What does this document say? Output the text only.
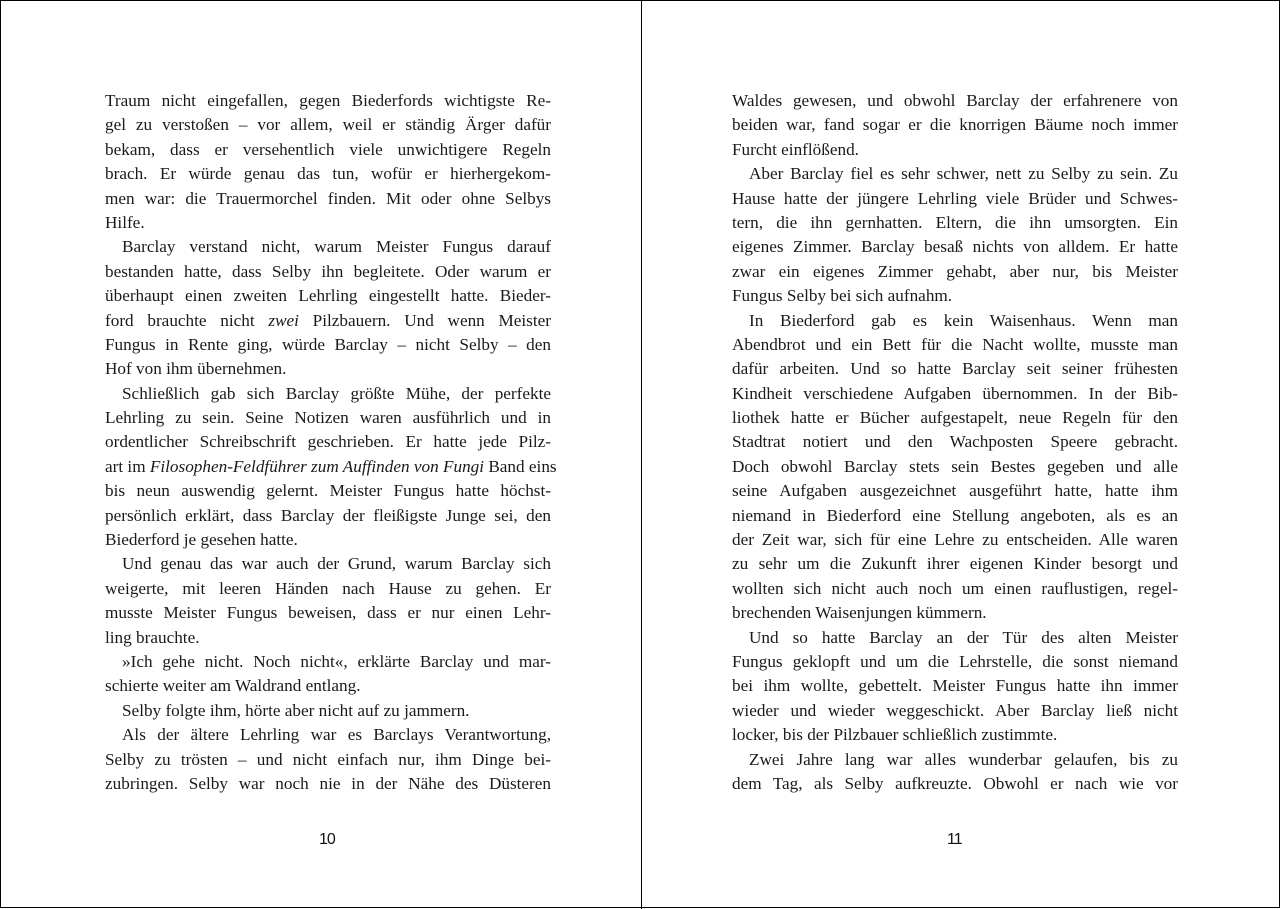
Traum nicht eingefallen, gegen Biederfords wichtigste Re-
gel zu verstoßen – vor allem, weil er ständig Ärger dafür
bekam, dass er versehentlich viele unwichtigere Regeln
brach. Er würde genau das tun, wofür er hierhergekom-
men war: die Trauermorchel finden. Mit oder ohne Selbys
Hilfe.
Barclay verstand nicht, warum Meister Fungus darauf
bestanden hatte, dass Selby ihn begleitete. Oder warum er
überhaupt einen zweiten Lehrling eingestellt hatte. Bieder-
ford brauchte nicht zwei Pilzbauern. Und wenn Meister
Fungus in Rente ging, würde Barclay – nicht Selby – den
Hof von ihm übernehmen.
Schließlich gab sich Barclay größte Mühe, der perfekte
Lehrling zu sein. Seine Notizen waren ausführlich und in
ordentlicher Schreibschrift geschrieben. Er hatte jede Pilz-
art im Filosophen-Feldführer zum Auffinden von Fungi Band eins
bis neun auswendig gelernt. Meister Fungus hatte höchst-
persönlich erklärt, dass Barclay der fleißigste Junge sei, den
Biederford je gesehen hatte.
Und genau das war auch der Grund, warum Barclay sich
weigerte, mit leeren Händen nach Hause zu gehen. Er
musste Meister Fungus beweisen, dass er nur einen Lehr-
ling brauchte.
»Ich gehe nicht. Noch nicht«, erklärte Barclay und mar-
schierte weiter am Waldrand entlang.
Selby folgte ihm, hörte aber nicht auf zu jammern.
Als der ältere Lehrling war es Barclays Verantwortung,
Selby zu trösten – und nicht einfach nur, ihm Dinge bei-
zubringen. Selby war noch nie in der Nähe des Düsteren
Waldes gewesen, und obwohl Barclay der erfahrenere von
beiden war, fand sogar er die knorrigen Bäume noch immer
Furcht einflößend.
Aber Barclay fiel es sehr schwer, nett zu Selby zu sein. Zu
Hause hatte der jüngere Lehrling viele Brüder und Schwes-
tern, die ihn gernhatten. Eltern, die ihn umsorgten. Ein
eigenes Zimmer. Barclay besaß nichts von alldem. Er hatte
zwar ein eigenes Zimmer gehabt, aber nur, bis Meister
Fungus Selby bei sich aufnahm.
In Biederford gab es kein Waisenhaus. Wenn man
Abendbrot und ein Bett für die Nacht wollte, musste man
dafür arbeiten. Und so hatte Barclay seit seiner frühesten
Kindheit verschiedene Aufgaben übernommen. In der Bib-
liothek hatte er Bücher aufgestapelt, neue Regeln für den
Stadtrat notiert und den Wachposten Speere gebracht.
Doch obwohl Barclay stets sein Bestes gegeben und alle
seine Aufgaben ausgezeichnet ausgeführt hatte, hatte ihm
niemand in Biederford eine Stellung angeboten, als es an
der Zeit war, sich für eine Lehre zu entscheiden. Alle waren
zu sehr um die Zukunft ihrer eigenen Kinder besorgt und
wollten sich nicht auch noch um einen rauflustigen, regel-
brechenden Waisenjungen kümmern.
Und so hatte Barclay an der Tür des alten Meister
Fungus geklopft und um die Lehrstelle, die sonst niemand
bei ihm wollte, gebettelt. Meister Fungus hatte ihn immer
wieder und wieder weggeschickt. Aber Barclay ließ nicht
locker, bis der Pilzbauer schließlich zustimmte.
Zwei Jahre lang war alles wunderbar gelaufen, bis zu
dem Tag, als Selby aufkreuzte. Obwohl er nach wie vor
10	11
